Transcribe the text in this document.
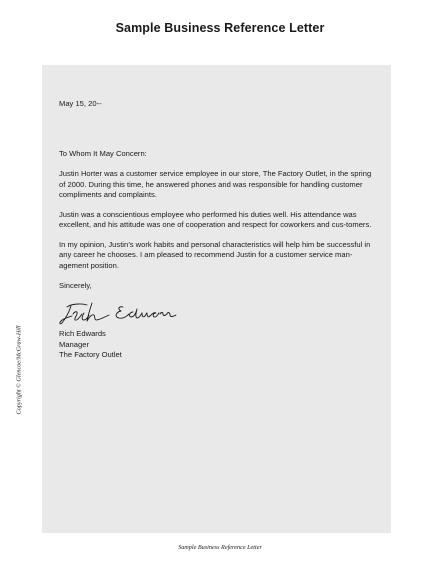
Sample Business Reference Letter

May 15, 20--

To Whom It May Concern:

Justin Horter was a customer service employee in our store, The Factory Outlet, in the spring of 2000. During this time, he answered phones and was responsible for handling customer compliments and complaints.

Justin was a conscientious employee who performed his duties well. His attendance was excellent, and his attitude was one of cooperation and respect for coworkers and cus-tomers.

In my opinion, Justin’s work habits and personal characteristics will help him be successful in any career he chooses. I am pleased to recommend Justin for a customer service man-agement position.

Sincerely,

Rich Edwards
Manager
The Factory Outlet
Copyright © Glencoe/McGraw-Hill
Sample Business Reference Letter
